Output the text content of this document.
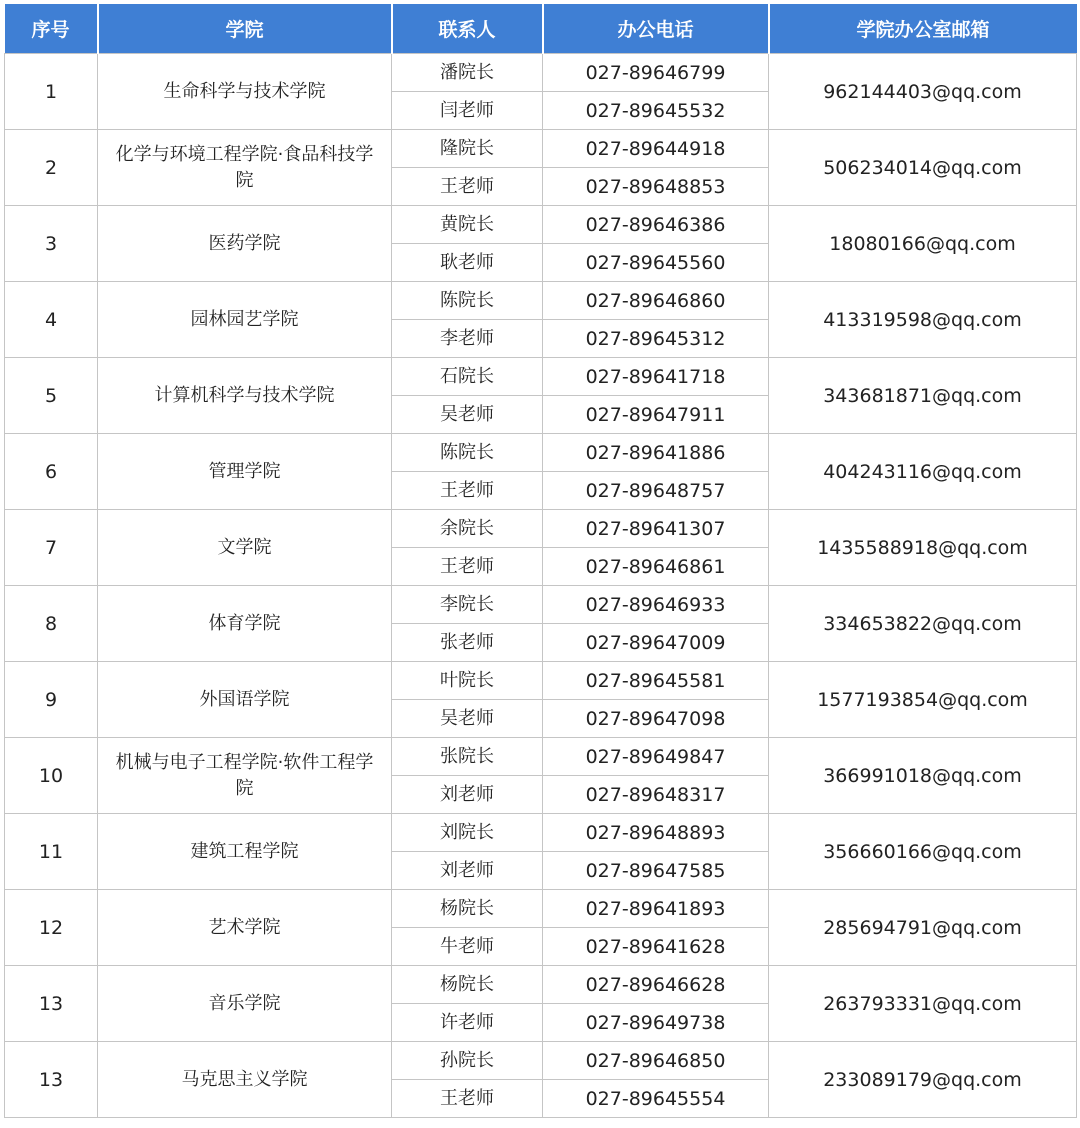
序号	学院	联系人	办公电话	学院办公室邮箱
1	生命科学与技术学院	潘院长	027-89646799	962144403@qq.com
		闫老师	027-89645532	
2	化学与环境工程学院·食品科技学院	隆院长	027-89644918	506234014@qq.com
		王老师	027-89648853	
3	医药学院	黄院长	027-89646386	18080166@qq.com
		耿老师	027-89645560	
4	园林园艺学院	陈院长	027-89646860	413319598@qq.com
		李老师	027-89645312	
5	计算机科学与技术学院	石院长	027-89641718	343681871@qq.com
		吴老师	027-89647911	
6	管理学院	陈院长	027-89641886	404243116@qq.com
		王老师	027-89648757	
7	文学院	余院长	027-89641307	1435588918@qq.com
		王老师	027-89646861	
8	体育学院	李院长	027-89646933	334653822@qq.com
		张老师	027-89647009	
9	外国语学院	叶院长	027-89645581	1577193854@qq.com
		吴老师	027-89647098	
10	机械与电子工程学院·软件工程学院	张院长	027-89649847	366991018@qq.com
		刘老师	027-89648317	
11	建筑工程学院	刘院长	027-89648893	356660166@qq.com
		刘老师	027-89647585	
12	艺术学院	杨院长	027-89641893	285694791@qq.com
		牛老师	027-89641628	
13	音乐学院	杨院长	027-89646628	263793331@qq.com
		许老师	027-89649738	
13	马克思主义学院	孙院长	027-89646850	233089179@qq.com
		王老师	027-89645554	
